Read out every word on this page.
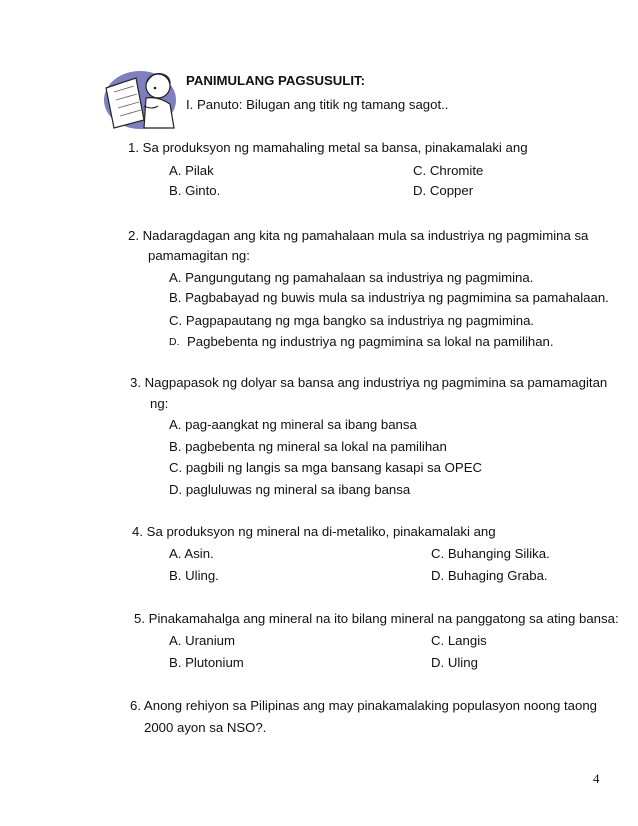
PANIMULANG PAGSUSULIT:
I. Panuto: Bilugan ang titik ng tamang sagot..
1. Sa produksyon ng mamahaling metal sa bansa, pinakamalaki ang
A. Pilak
B. Ginto.
C. Chromite
D. Copper
2. Nadaragdagan ang kita ng pamahalaan mula sa industriya ng pagmimina sa
pamamagitan ng:
A. Pangungutang ng pamahalaan sa industriya ng pagmimina.
B. Pagbabayad ng buwis mula sa industriya ng pagmimina sa pamahalaan.
C. Pagpapautang ng mga bangko sa industriya ng pagmimina.
D. Pagbebenta ng industriya ng pagmimina sa lokal na pamilihan.
3. Nagpapasok ng dolyar sa bansa ang industriya ng pagmimina sa pamamagitan
ng:
A. pag-aangkat ng mineral sa ibang bansa
B. pagbebenta ng mineral sa lokal na pamilihan
C. pagbili ng langis sa mga bansang kasapi sa OPEC
D. pagluluwas ng mineral sa ibang bansa
4. Sa produksyon ng mineral na di-metaliko, pinakamalaki ang
A. Asin.
B. Uling.
C. Buhanging Silika.
D. Buhaging Graba.
5. Pinakamahalga ang mineral na ito bilang mineral na panggatong sa ating bansa:
A. Uranium
B. Plutonium
C. Langis
D. Uling
6. Anong rehiyon sa Pilipinas ang may pinakamalaking populasyon noong taong
2000 ayon sa NSO?.
4
